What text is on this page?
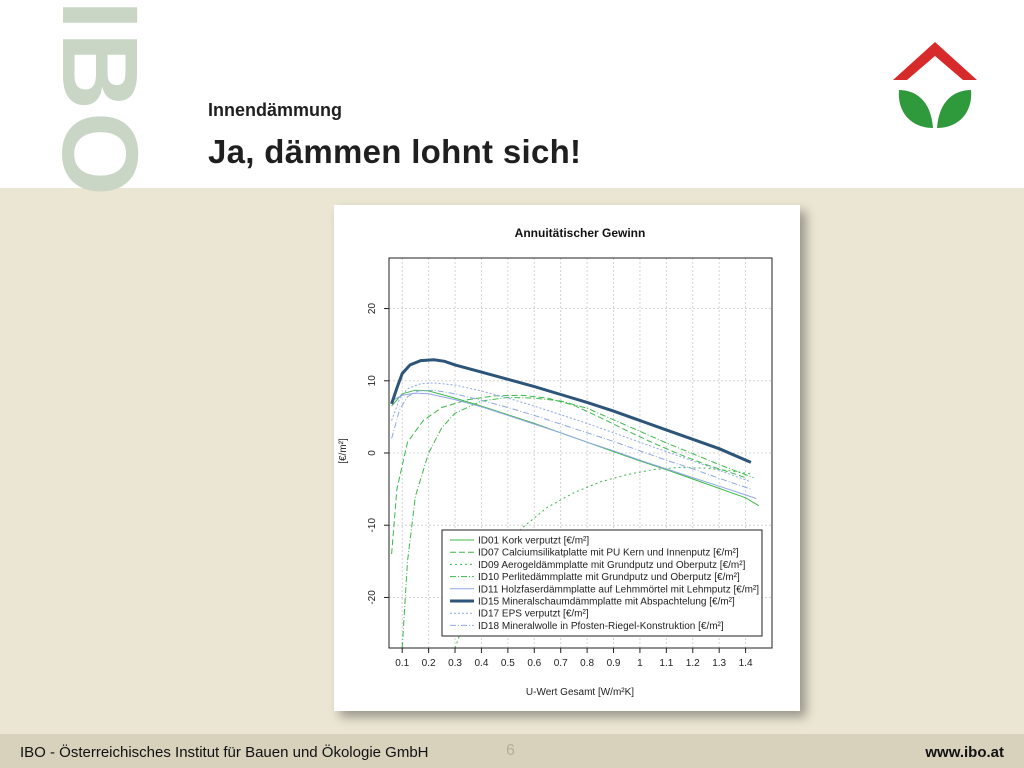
IBO	Innendämmung
Ja, dämmen lohnt sich!
Annuitätischer Gewinn
0.1 0.2 0.3 0.4 0.5 0.6 0.7 0.8 0.9 1 1.1 1.2 1.3 1.4
-20
-10
0
10
20
U-Wert Gesamt [W/m²K]
[€/m²]
ID01 Kork verputzt [€/m²]
ID07 Calciumsilikatplatte mit PU Kern und Innenputz [€/m²]
ID09 Aerogeldämmplatte mit Grundputz und Oberputz [€/m²]
ID10 Perlitedämmplatte mit Grundputz und Oberputz [€/m²]
ID11 Holzfaserdämmplatte auf Lehmmörtel mit Lehmputz [€/m²]
ID15 Mineralschaumdämmplatte mit Abspachtelung [€/m²]
ID17 EPS verputzt [€/m²]
ID18 Mineralwolle in Pfosten-Riegel-Konstruktion [€/m²]
IBO - Österreichisches Institut für Bauen und Ökologie GmbH	6	www.ibo.at
